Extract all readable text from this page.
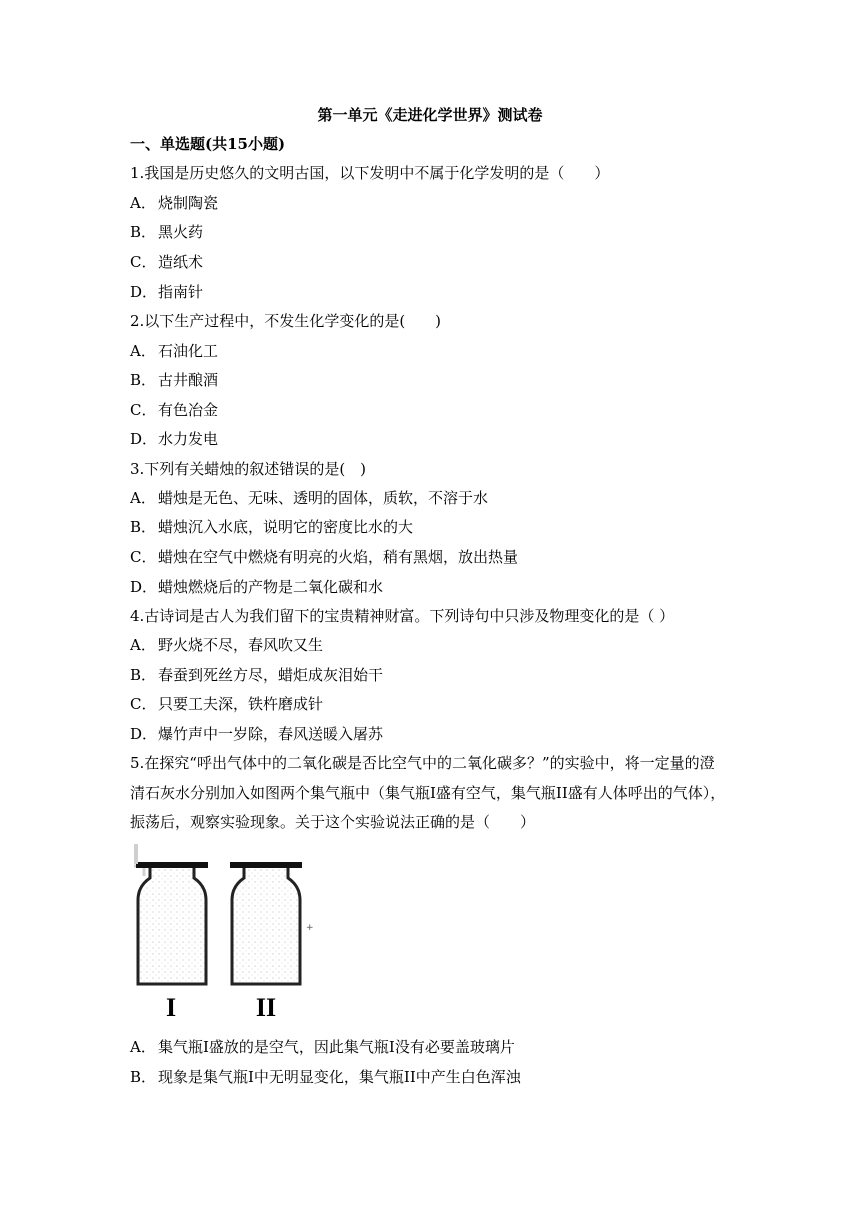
第一单元《走进化学世界》测试卷
一、单选题(共15小题)
1.我国是历史悠久的文明古国，以下发明中不属于化学发明的是（　　）
A． 烧制陶瓷
B． 黑火药
C． 造纸术
D．指南针
2.以下生产过程中，不发生化学变化的是(　　)
A． 石油化工
B． 古井酿酒
C． 有色冶金
D．水力发电
3.下列有关蜡烛的叙述错误的是(　)
A． 蜡烛是无色、无味、透明的固体，质软，不溶于水
B． 蜡烛沉入水底，说明它的密度比水的大
C． 蜡烛在空气中燃烧有明亮的火焰，稍有黑烟，放出热量
D．蜡烛燃烧后的产物是二氧化碳和水
4.古诗词是古人为我们留下的宝贵精神财富。下列诗句中只涉及物理变化的是（ ）
A． 野火烧不尽，春风吹又生
B． 春蚕到死丝方尽，蜡炬成灰泪始干
C． 只要工夫深，铁杵磨成针
D．爆竹声中一岁除，春风送暖入屠苏
5.在探究“呼出气体中的二氧化碳是否比空气中的二氧化碳多？”的实验中，将一定量的澄
清石灰水分别加入如图两个集气瓶中（集气瓶I盛有空气，集气瓶II盛有人体呼出的气体），
振荡后，观察实验现象。关于这个实验说法正确的是（　　）
+
I	II
A． 集气瓶I盛放的是空气，因此集气瓶I没有必要盖玻璃片
B． 现象是集气瓶I中无明显变化，集气瓶II中产生白色浑浊
